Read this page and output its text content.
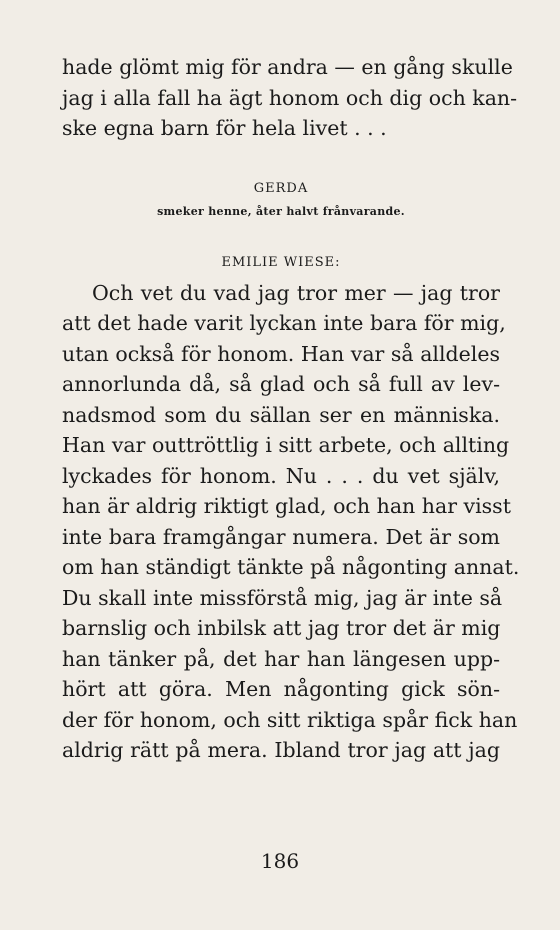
hade glömt mig för andra — en gång skulle
jag i alla fall ha ägt honom och dig och kan-
ske egna barn för hela livet . . .
GERDA
smeker henne, åter halvt frånvarande.
EMILIE WIESE:
Och vet du vad jag tror mer — jag tror
att det hade varit lyckan inte bara för mig,
utan också för honom. Han var så alldeles
annorlunda då, så glad och så full av lev-
nadsmod som du sällan ser en människa.
Han var outtröttlig i sitt arbete, och allting
lyckades för honom. Nu . . . du vet själv,
han är aldrig riktigt glad, och han har visst
inte bara framgångar numera. Det är som
om han ständigt tänkte på någonting annat.
Du skall inte missförstå mig, jag är inte så
barnslig och inbilsk att jag tror det är mig
han tänker på, det har han längesen upp-
hört att göra. Men någonting gick sön-
der för honom, och sitt riktiga spår fick han
aldrig rätt på mera. Ibland tror jag att jag
186
